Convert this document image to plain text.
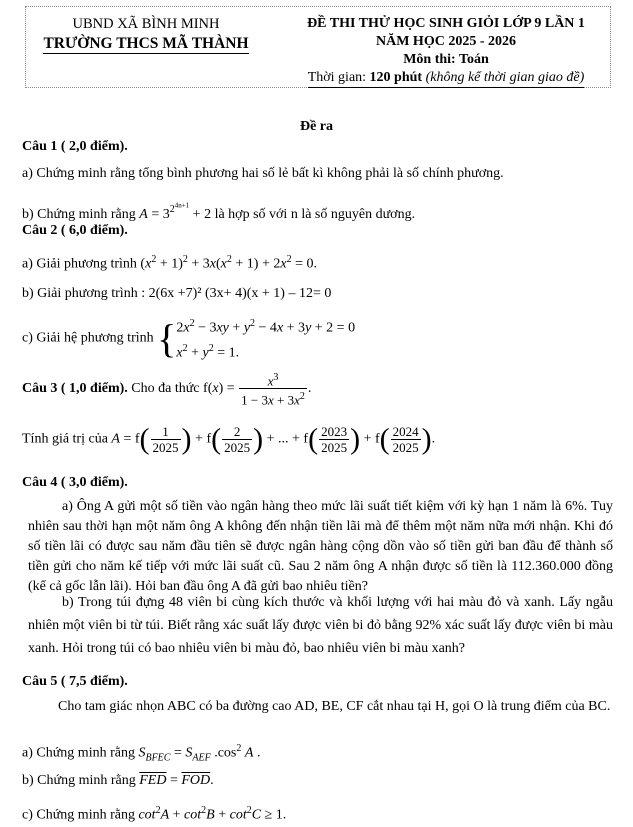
UBND XÃ BÌNH MINH
TRƯỜNG THCS MÃ THÀNH
ĐỀ THI THỬ HỌC SINH GIỎI LỚP 9 LẦN 1
NĂM HỌC 2025 - 2026
Môn thi: Toán
Thời gian: 120 phút (không kể thời gian giao đề)
Đề ra
Câu 1 ( 2,0 điểm).
a) Chứng minh rằng tổng bình phương hai số lẻ bất kì không phải là số chính phương.
b) Chứng minh rằng $A = 3^{2^{4n+1}} + 2$ là hợp số với n là số nguyên dương.
Câu 2 ( 6,0 điểm).
a) Giải phương trình $(x^2 + 1)^2 + 3x(x^2 + 1) + 2x^2 = 0$.
b) Giải phương trình : 2(6x +7)² (3x+ 4)(x + 1) – 12= 0
c) Giải hệ phương trình {$2x^2 - 3xy + y^2 - 4x + 3y + 2 = 0$
$x^2 + y^2 = 1$.
Câu 3 ( 1,0 điểm). Cho đa thức $f(x) = \frac{x^3}{1 - 3x + 3x^2}$ .
Tính giá trị của $A = f( \frac{1}{2025}$ ) + $f( \frac{2}{2025}$ ) + ... + $f( \frac{2023}{2025}$ ) + $f( \frac{2024}{2025}$ ).
Câu 4 ( 3,0 điểm).
a) Ông A gửi một số tiền vào ngân hàng theo mức lãi suất tiết kiệm với kỳ hạn 1 năm là 6%. Tuy nhiên sau thời hạn một năm ông A không đến nhận tiền lãi mà để thêm một năm nữa mới nhận. Khi đó số tiền lãi có được sau năm đầu tiên sẽ được ngân hàng cộng dồn vào số tiền gửi ban đầu để thành số tiền gửi cho năm kế tiếp với mức lãi suất cũ. Sau 2 năm ông A nhận được số tiền là 112.360.000 đồng (kể cả gốc lẫn lãi). Hỏi ban đầu ông A đã gửi bao nhiêu tiền?
b) Trong túi đựng 48 viên bi cùng kích thước và khối lượng với hai màu đỏ và xanh. Lấy ngẫu nhiên một viên bi từ túi. Biết rằng xác suất lấy được viên bi đỏ bằng 92% xác suất lấy được viên bi màu xanh. Hỏi trong túi có bao nhiêu viên bi màu đỏ, bao nhiêu viên bi màu xanh?
Câu 5 ( 7,5 điểm).
Cho tam giác nhọn ABC có ba đường cao AD, BE, CF cắt nhau tại H, gọi O là trung điểm của BC.
a) Chứng minh rằng $S_{BFEC} = S_{AEF}$ $.\cos^2$ A .
b) Chứng minh rằng $\overline{FED} = \overline{FOD}$.
c) Chứng minh rằng $\cot^2A + \cot^2B + \cot^2C \ge 1$.
